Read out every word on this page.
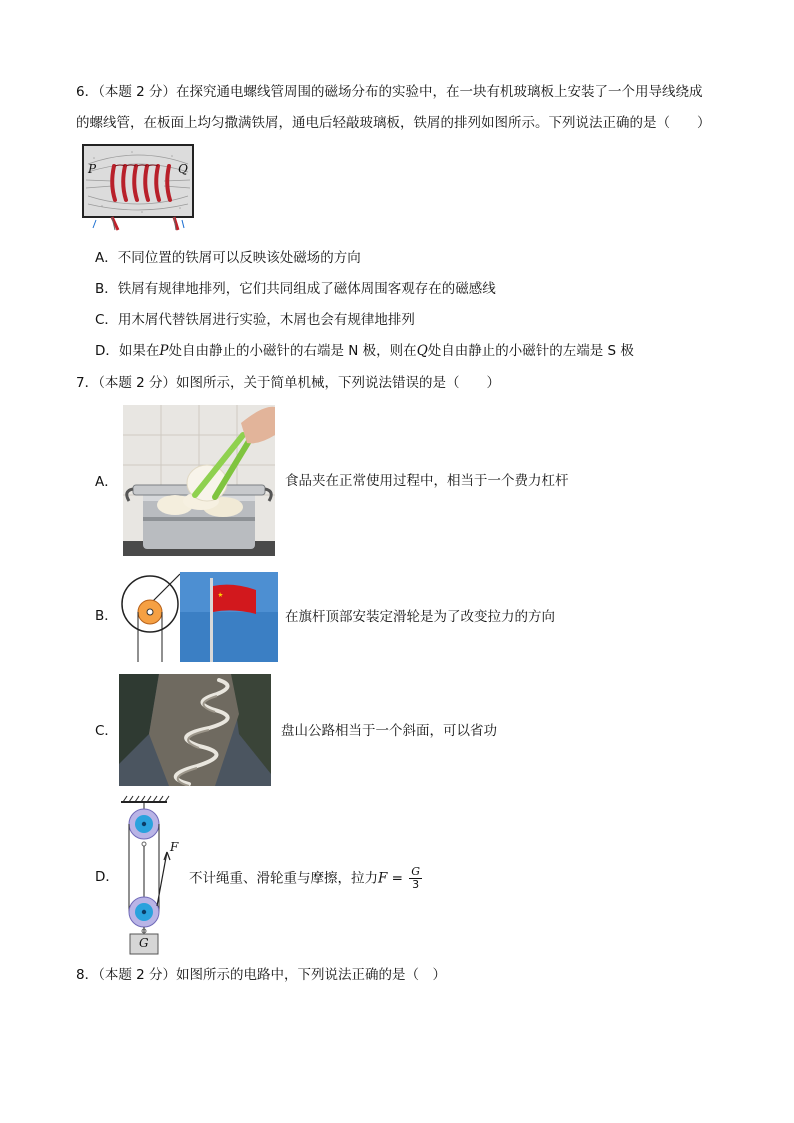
6．（本题 2 分）在探究通电螺线管周围的磁场分布的实验中，在一块有机玻璃板上安装了一个用导线绕成
的螺线管，在板面上均匀撒满铁屑，通电后轻敲玻璃板，铁屑的排列如图所示。下列说法正确的是（　　）
P	Q
A．不同位置的铁屑可以反映该处磁场的方向
B．铁屑有规律地排列，它们共同组成了磁体周围客观存在的磁感线
C．用木屑代替铁屑进行实验，木屑也会有规律地排列
D．如果在P处自由静止的小磁针的右端是 N 极，则在Q处自由静止的小磁针的左端是 S 极
7．（本题 2 分）如图所示，关于简单机械，下列说法错误的是（　　）
A．	食品夹在正常使用过程中，相当于一个费力杠杆
B．	在旗杆顶部安装定滑轮是为了改变拉力的方向
C．	盘山公路相当于一个斜面，可以省功
D．
F
G
不计绳重、滑轮重与摩擦，拉力$F = \frac{G}{3}$
8．（本题 2 分）如图所示的电路中，下列说法正确的是（　）
